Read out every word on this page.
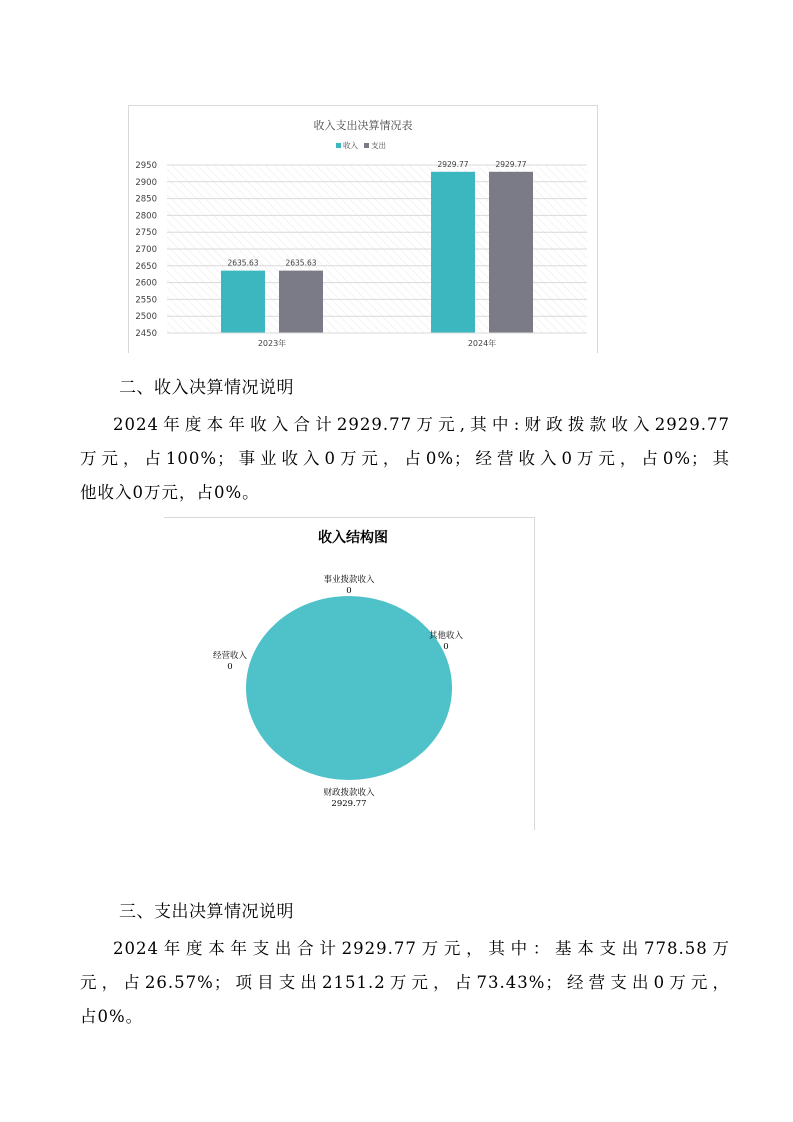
收入支出决算情况表
收入 支出
2950
2900
2850
2800
2750
2700
2650
2600
2550
2500
2450
2635.63	2635.63
2023年
2929.77	2929.77
2024年
二、收入决算情况说明
2024年度本年收入合计2929.77万元,其中:财政拨款收入2929.77
万元，占100%；事业收入0万元，占0%；经营收入0万元，占0%；其
他收入0万元，占0%。
收入结构图
财政拨款收入
2929.77
事业拨款收入
0
其他收入
0
经营收入
0
三、支出决算情况说明
2024年度本年支出合计2929.77万元，其中：基本支出778.58万
元，占26.57%；项目支出2151.2万元，占73.43%；经营支出0万元，
占0%。
